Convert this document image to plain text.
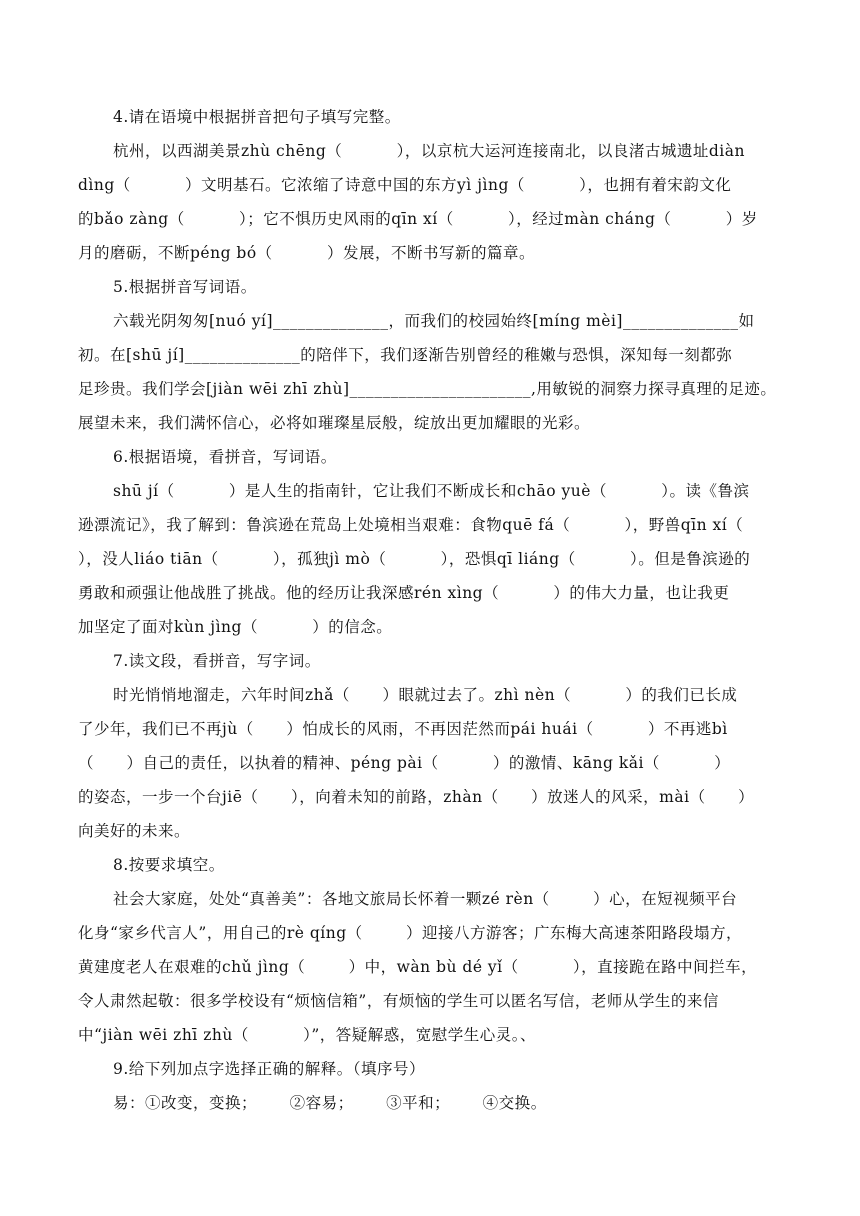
4.请在语境中根据拼音把句子填写完整。
杭州，以西湖美景zhù chēng（          ），以京杭大运河连接南北，以良渚古城遗址diàn
dìng（          ）文明基石。它浓缩了诗意中国的东方yì jìng（          ），也拥有着宋韵文化
的bǎo zàng（          ）；它不惧历史风雨的qīn xí（          ），经过màn cháng（          ）岁
月的磨砺，不断péng bó（          ）发展，不断书写新的篇章。
5.根据拼音写词语。
六载光阴匆匆[nuó yí]______________，而我们的校园始终[míng mèi]______________如
初。在[shū jí]______________的陪伴下，我们逐渐告别曾经的稚嫩与恐惧，深知每一刻都弥
足珍贵。我们学会[jiàn wēi zhī zhù]______________________,用敏锐的洞察力探寻真理的足迹。
展望未来，我们满怀信心，必将如璀璨星辰般，绽放出更加耀眼的光彩。
6.根据语境，看拼音，写词语。
shū jí（          ）是人生的指南针，它让我们不断成长和chāo yuè（          ）。读《鲁滨
逊漂流记》，我了解到：鲁滨逊在荒岛上处境相当艰难：食物quē fá（          ），野兽qīn xí（
），没人liáo tiān（          ），孤独jì mò（          ），恐惧qī liáng（          ）。但是鲁滨逊的
勇敢和顽强让他战胜了挑战。他的经历让我深感rén xìng（          ）的伟大力量，也让我更
加坚定了面对kùn jìng（          ）的信念。
7.读文段，看拼音，写字词。
时光悄悄地溜走，六年时间zhǎ（      ）眼就过去了。zhì nèn（          ）的我们已长成
了少年，我们已不再jù（      ）怕成长的风雨，不再因茫然而pái huái（          ）不再逃bì
（      ）自己的责任，以执着的精神、péng pài（          ）的激情、kāng kǎi（          ）
的姿态，一步一个台jiē（      ），向着未知的前路，zhàn（      ）放迷人的风采，mài（      ）
向美好的未来。
8.按要求填空。
社会大家庭，处处“真善美”：各地文旅局长怀着一颗zé rèn（        ）心，在短视频平台
化身“家乡代言人”，用自己的rè qíng（        ）迎接八方游客；广东梅大高速茶阳路段塌方，
黄建度老人在艰难的chǔ jìng（        ）中，wàn bù dé yǐ（          ），直接跪在路中间拦车，
令人肃然起敬：很多学校设有“烦恼信箱”，有烦恼的学生可以匿名写信，老师从学生的来信
中“jiàn wēi zhī zhù（          ）”，答疑解惑，宽慰学生心灵。、
9.给下列加点字选择正确的解释。（填序号）
易：①改变，变换；      ②容易；      ③平和；      ④交换。
